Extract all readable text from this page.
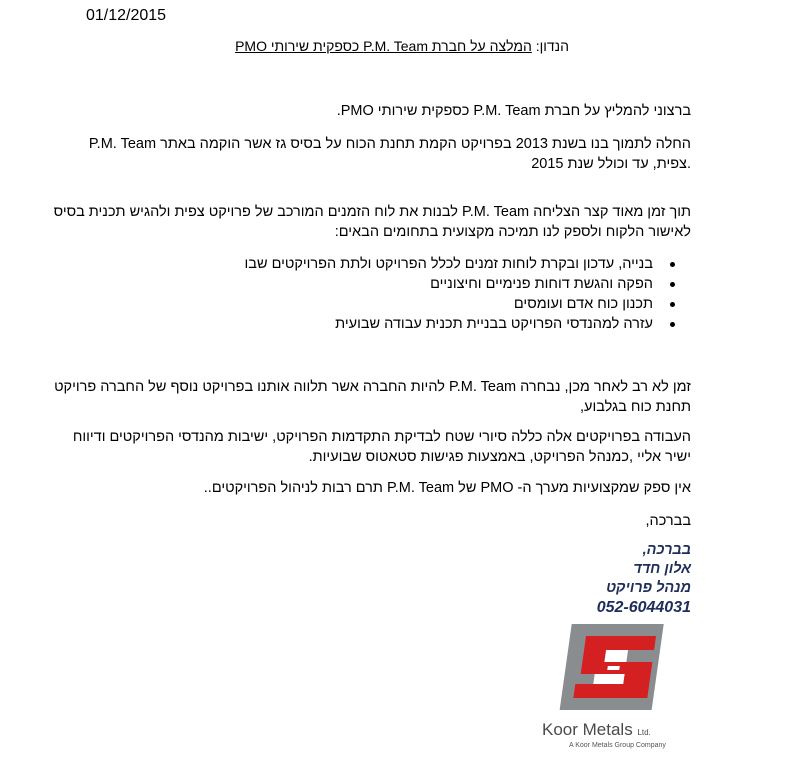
01/12/2015
הנדון: המלצה על חברת P.M. Team כספקית שירותי PMO
ברצוני להמליץ על חברת P.M. Team כספקית שירותי PMO.
P.M. Team החלה לתמוך בנו בשנת 2013 בפרויקט הקמת תחנת הכוח על בסיס גז אשר הוקמה באתר צפית, עד וכולל שנת 2015.
תוך זמן מאוד קצר הצליחה P.M. Team לבנות את לוח הזמנים המורכב של פרויקט צפית ולהגיש תכנית בסיס לאישור הלקוח ולספק לנו תמיכה מקצועית בתחומים הבאים:
בנייה, עדכון ובקרת לוחות זמנים לכלל הפרויקט ולתת הפרויקטים שבו
הפקה והגשת דוחות פנימיים וחיצוניים
תכנון כוח אדם ועומסים
עזרה למהנדסי הפרויקט בבניית תכנית עבודה שבועית
זמן לא רב לאחר מכן, נבחרה P.M. Team להיות החברה אשר תלווה אותנו בפרויקט נוסף של החברה פרויקט תחנת כוח בגלבוע,
העבודה בפרויקטים אלה כללה סיורי שטח לבדיקת התקדמות הפרויקט, ישיבות מהנדסי הפרויקטים ודיווח ישיר אליי ,כמנהל הפרויקט, באמצעות פגישות סטאטוס שבועיות.
אין ספק שמקצועיות מערך ה- PMO של P.M. Team תרם רבות לניהול הפרויקטים..
בברכה,
בברכה,
אלון חדד
מנהל פרויקט
052-6044031
Koor Metals Ltd.
A Koor Metals Group Company
